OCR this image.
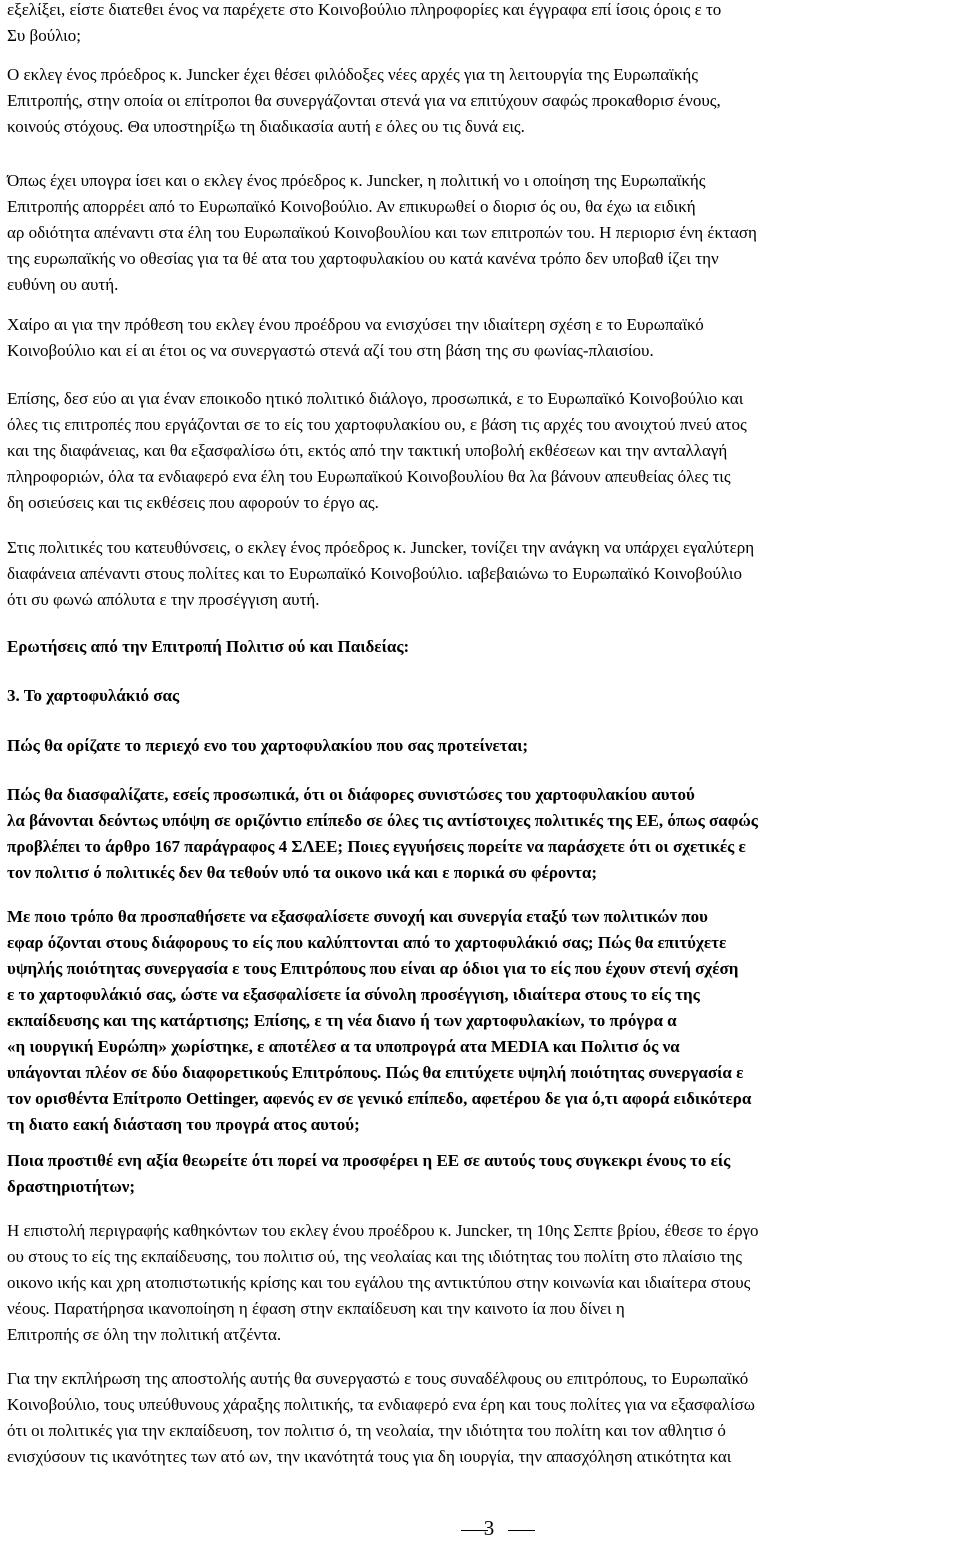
εξελίξει, είστε διατεθει ένος να παρέχετε στο Κοινοβούλιο πληροφορίες και έγγραφα επί ίσοις όροις ε το

Συ βούλιο;

Ο εκλεγ ένος πρόεδρος κ. Juncker έχει θέσει φιλόδοξες νέες αρχές για τη λειτουργία της Ευρωπαϊκής

Επιτροπής, στην οποία οι επίτροποι θα συνεργάζονται στενά για να επιτύχουν σαφώς προκαθορισ ένους,

κοινούς στόχους. Θα υποστηρίξω τη διαδικασία αυτή ε όλες ου τις δυνά εις.

Όπως έχει υπογρα ίσει και ο εκλεγ ένος πρόεδρος κ. Juncker, η πολιτική νο ι οποίηση της Ευρωπαϊκής

Επιτροπής απορρέει από το Ευρωπαϊκό Κοινοβούλιο. Αν επικυρωθεί ο διορισ ός ου, θα έχω ια ειδική

αρ οδιότητα απέναντι στα έλη του Ευρωπαϊκού Κοινοβουλίου και των επιτροπών του. Η περιορισ ένη έκταση

της ευρωπαϊκής νο οθεσίας για τα θέ ατα του χαρτοφυλακίου ου κατά κανένα τρόπο δεν υποβαθ ίζει την

ευθύνη ου αυτή.

Χαίρο αι για την πρόθεση του εκλεγ ένου προέδρου να ενισχύσει την ιδιαίτερη σχέση ε το Ευρωπαϊκό

Κοινοβούλιο και εί αι έτοι ος να συνεργαστώ στενά αζί του στη βάση της συ φωνίας-πλαισίου.

Επίσης, δεσ εύο αι για έναν εποικοδο ητικό πολιτικό διάλογο, προσωπικά, ε το Ευρωπαϊκό Κοινοβούλιο και

όλες τις επιτροπές που εργάζονται σε το είς του χαρτοφυλακίου ου, ε βάση τις αρχές του ανοιχτού πνεύ ατος

και της διαφάνειας, και θα εξασφαλίσω ότι, εκτός από την τακτική υποβολή εκθέσεων και την ανταλλαγή

πληροφοριών, όλα τα ενδιαφερό ενα έλη του Ευρωπαϊκού Κοινοβουλίου θα λα βάνουν απευθείας όλες τις

δη οσιεύσεις και τις εκθέσεις που αφορούν το έργο ας.

Στις πολιτικές του κατευθύνσεις, ο εκλεγ ένος πρόεδρος κ. Juncker, τονίζει την ανάγκη να υπάρχει εγαλύτερη

διαφάνεια απέναντι στους πολίτες και το Ευρωπαϊκό Κοινοβούλιο. ιαβεβαιώνω το Ευρωπαϊκό Κοινοβούλιο

ότι συ φωνώ απόλυτα ε την προσέγγιση αυτή.

Ερωτήσεις από την Επιτροπή Πολιτισ ού και Παιδείας:

3. Το χαρτοφυλάκιό σας

Πώς θα ορίζατε το περιεχό ενο του χαρτοφυλακίου που σας προτείνεται;

Πώς θα διασφαλίζατε, εσείς προσωπικά, ότι οι διάφορες συνιστώσες του χαρτοφυλακίου αυτού

λα βάνονται δεόντως υπόψη σε οριζόντιο επίπεδο σε όλες τις αντίστοιχες πολιτικές της ΕΕ, όπως σαφώς

προβλέπει το άρθρο 167 παράγραφος 4 ΣΛΕΕ; Ποιες εγγυήσεις πορείτε να παράσχετε ότι οι σχετικές ε

τον πολιτισ ό πολιτικές δεν θα τεθούν υπό τα οικονο ικά και ε πορικά συ φέροντα;

Με ποιο τρόπο θα προσπαθήσετε να εξασφαλίσετε συνοχή και συνεργία εταξύ των πολιτικών που

εφαρ όζονται στους διάφορους το είς που καλύπτονται από το χαρτοφυλάκιό σας; Πώς θα επιτύχετε

υψηλής ποιότητας συνεργασία ε τους Επιτρόπους που είναι αρ όδιοι για το είς που έχουν στενή σχέση

ε το χαρτοφυλάκιό σας, ώστε να εξασφαλίσετε ία σύνολη προσέγγιση, ιδιαίτερα στους το είς της

εκπαίδευσης και της κατάρτισης; Επίσης, ε τη νέα διανο ή των χαρτοφυλακίων, το πρόγρα α

«η ιουργική Ευρώπη» χωρίστηκε, ε αποτέλεσ α τα υποπρογρά ατα MEDIA και Πολιτισ ός να

υπάγονται πλέον σε δύο διαφορετικούς Επιτρόπους. Πώς θα επιτύχετε υψηλή ποιότητας συνεργασία ε

τον ορισθέντα Επίτροπο Oettinger, αφενός εν σε γενικό επίπεδο, αφετέρου δε για ό,τι αφορά ειδικότερα

τη διατο εακή διάσταση του προγρά ατος αυτού;

Ποια προστιθέ ενη αξία θεωρείτε ότι πορεί να προσφέρει η ΕΕ σε αυτούς τους συγκεκρι ένους το είς

δραστηριοτήτων;

Η επιστολή περιγραφής καθηκόντων του εκλεγ ένου προέδρου κ. Juncker, τη 10ης Σεπτε βρίου, έθεσε το έργο

ου στους το είς της εκπαίδευσης, του πολιτισ ού, της νεολαίας και της ιδιότητας του πολίτη στο πλαίσιο της

οικονο ικής και χρη ατοπιστωτικής κρίσης και του εγάλου της αντικτύπου στην κοινωνία και ιδιαίτερα στους

νέους. Παρατήρησα ικανοποίηση η έφαση στην εκπαίδευση και την καινοτο ία που δίνει η

Επιτροπής σε όλη την πολιτική ατζέντα.

Για την εκπλήρωση της αποστολής αυτής θα συνεργαστώ ε τους συναδέλφους ου επιτρόπους, το Ευρωπαϊκό

Κοινοβούλιο, τους υπεύθυνους χάραξης πολιτικής, τα ενδιαφερό ενα έρη και τους πολίτες για να εξασφαλίσω

ότι οι πολιτικές για την εκπαίδευση, τον πολιτισ ό, τη νεολαία, την ιδιότητα του πολίτη και τον αθλητισ ό

ενισχύσουν τις ικανότητες των ατό ων, την ικανότητά τους για δη ιουργία, την απασχόληση ατικότητα και

3
